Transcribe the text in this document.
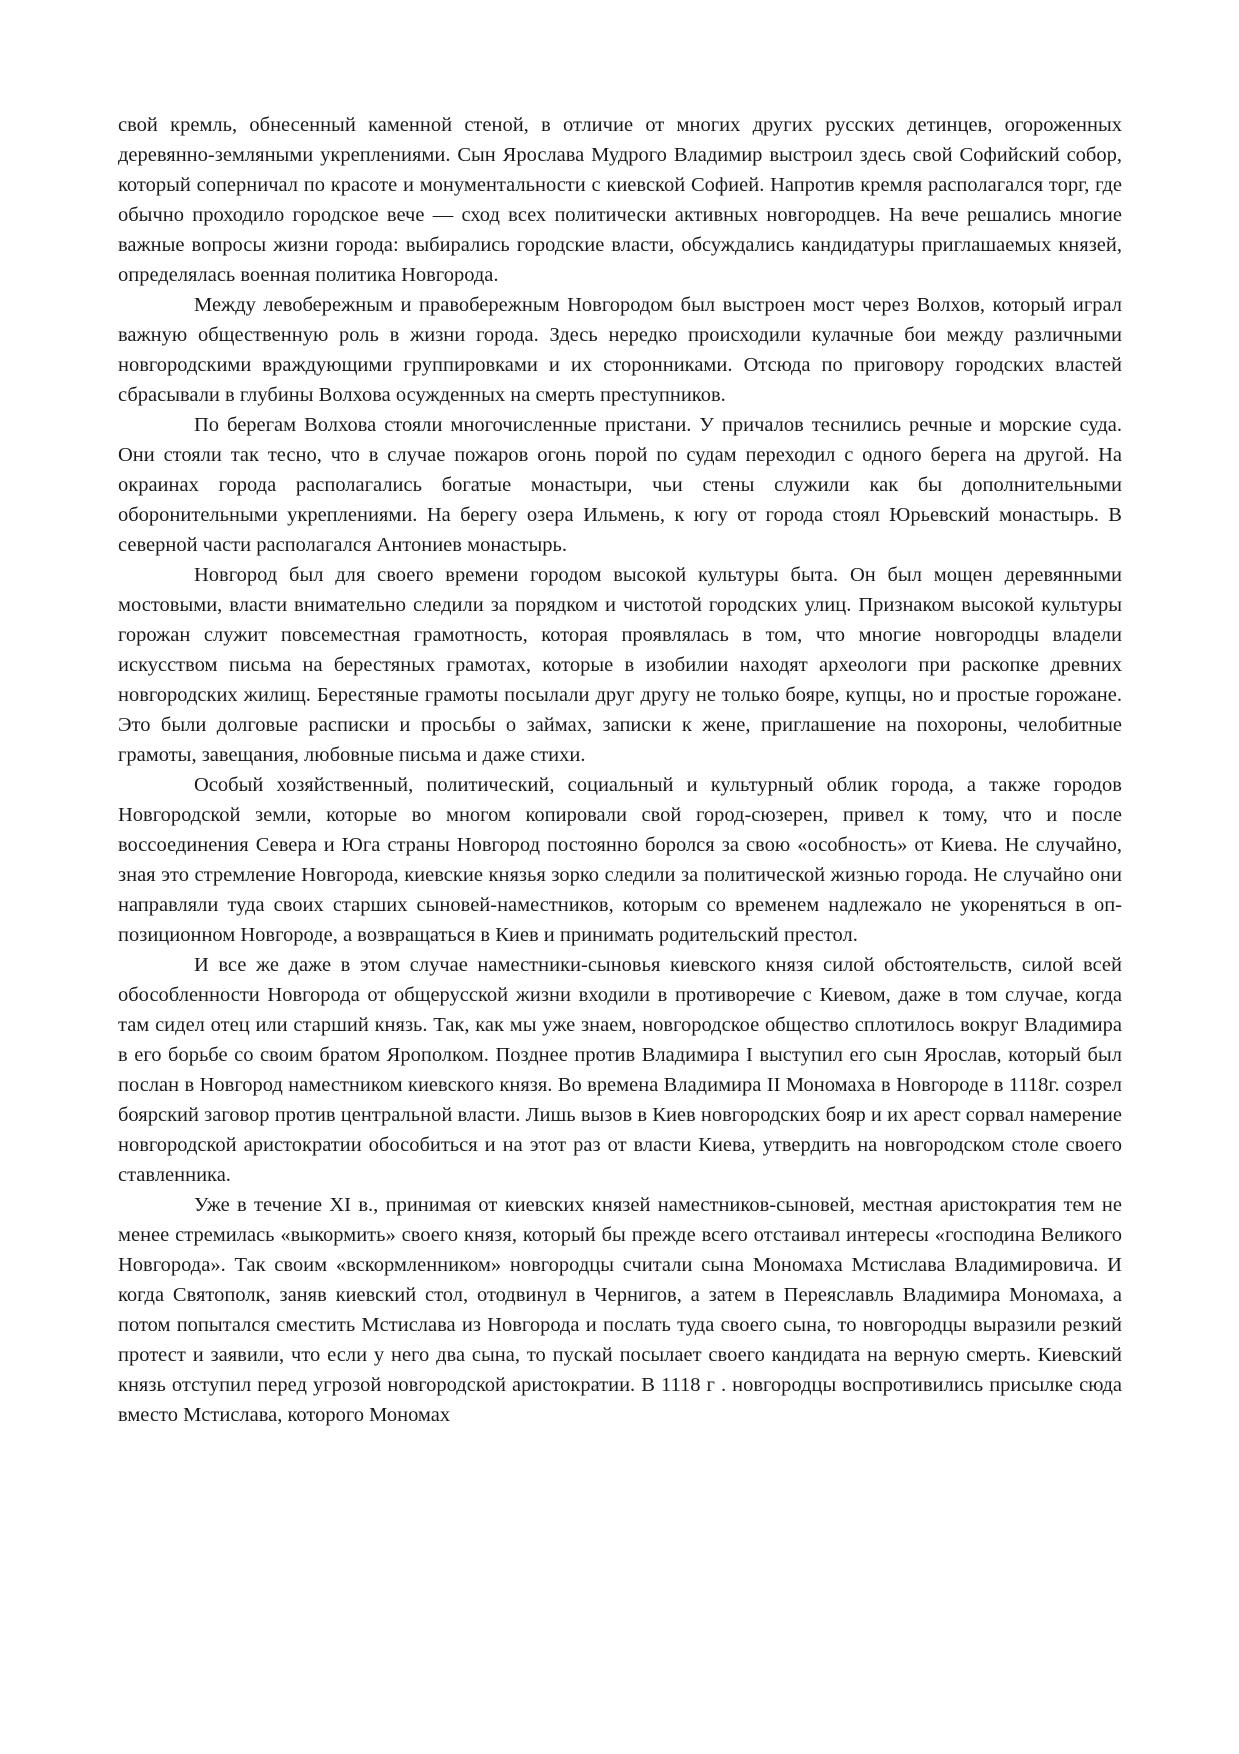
свой кремль, обнесенный каменной стеной, в отличие от многих других русских детинцев, огороженных деревянно-земляными укреплениями. Сын Ярослава Мудрого Владимир выстроил здесь свой Софийский собор, который соперничал по красоте и монументальности с киевской Софией. Напротив кремля располагался торг, где обычно проходило городское вече — сход всех политически активных новгородцев. На вече решались многие важные вопросы жизни города: выбирались городские власти, обсуждались кандидатуры приглашаемых князей, определялась военная политика Новгорода.

Между левобережным и правобережным Новгородом был выстроен мост через Волхов, который играл важную общественную роль в жизни города. Здесь нередко происходили кулачные бои между различными новгородскими враждующими группировками и их сторонниками. Отсюда по приговору городских властей сбрасывали в глубины Волхова осужденных на смерть преступников.

По берегам Волхова стояли многочисленные пристани. У причалов теснились речные и морские суда. Они стояли так тесно, что в случае пожаров огонь порой по судам переходил с одного берега на другой. На окраинах города располагались богатые монастыри, чьи стены служили как бы дополнительными оборонительными укреплениями. На берегу озера Ильмень, к югу от города стоял Юрьевский монастырь. В северной части располагался Антониев монастырь.

Новгород был для своего времени городом высокой культуры быта. Он был мощен деревянными мостовыми, власти внимательно следили за порядком и чистотой городских улиц. Признаком высокой культуры горожан служит повсеместная грамотность, которая проявлялась в том, что многие новгородцы владели искусством письма на берестяных грамотах, которые в изобилии находят археологи при раскопке древних новгородских жилищ. Берестяные грамоты посылали друг другу не только бояре, купцы, но и простые горожане. Это были долговые расписки и просьбы о займах, записки к жене, приглашение на похороны, челобитные грамоты, завещания, любовные письма и даже стихи.

Особый хозяйственный, политический, социальный и культурный облик города, а также городов Новгородской земли, которые во многом копировали свой город-сюзерен, привел к тому, что и после воссоединения Севера и Юга страны Новгород постоянно боролся за свою «особность» от Киева. Не случайно, зная это стремление Новгорода, киевские князья зорко следили за политической жизнью города. Не случайно они направляли туда своих старших сыновей-наместников, которым со временем надлежало не укореняться в оппозиционном Новгороде, а возвращаться в Киев и принимать родительский престол.

И все же даже в этом случае наместники-сыновья киевского князя силой обстоятельств, силой всей обособленности Новгорода от общерусской жизни входили в противоречие с Киевом, даже в том случае, когда там сидел отец или старший князь. Так, как мы уже знаем, новгородское общество сплотилось вокруг Владимира в его борьбе со своим братом Ярополком. Позднее против Владимира I выступил его сын Ярослав, который был послан в Новгород наместником киевского князя. Во времена Владимира II Мономаха в Новгороде в 1118г. созрел боярский заговор против центральной власти. Лишь вызов в Киев новгородских бояр и их арест сорвал намерение новгородской аристократии обособиться и на этот раз от власти Киева, утвердить на новгородском столе своего ставленника.

Уже в течение XI в., принимая от киевских князей наместников-сыновей, местная аристократия тем не менее стремилась «выкормить» своего князя, который бы прежде всего отстаивал интересы «господина Великого Новгорода». Так своим «вскормленником» новгородцы считали сына Мономаха Мстислава Владимировича. И когда Святополк, заняв киевский стол, отодвинул в Чернигов, а затем в Переяславль Владимира Мономаха, а потом попытался сместить Мстислава из Новгорода и послать туда своего сына, то новгородцы выразили резкий протест и заявили, что если у него два сына, то пускай посылает своего кандидата на верную смерть. Киевский князь отступил перед угрозой новгородской аристократии. В 1118 г . новгородцы воспротивились присылке сюда вместо Мстислава, которого Мономах
